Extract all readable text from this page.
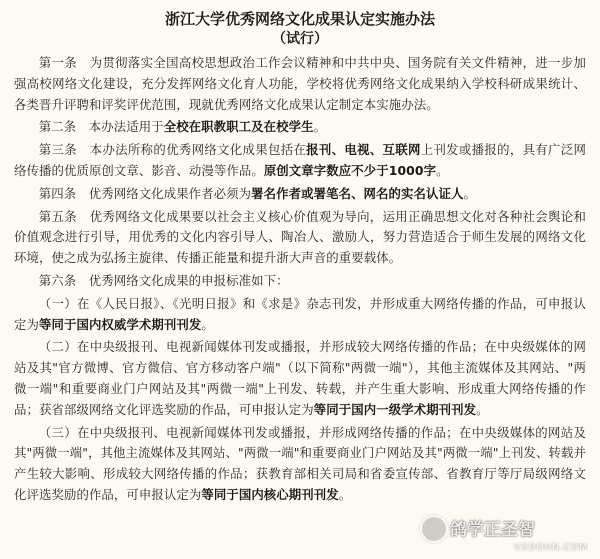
浙江大学优秀网络文化成果认定实施办法
（试行）

第一条　为贯彻落实全国高校思想政治工作会议精神和中共中央、国务院有关文件精神，进一步加强高校网络文化建设，充分发挥网络文化育人功能，学校将优秀网络文化成果纳入学校科研成果统计、各类晋升评聘和评奖评优范围，现就优秀网络文化成果认定制定本实施办法。

第二条　本办法适用于全校在职教职工及在校学生。

第三条　本办法所称的优秀网络文化成果包括在报刊、电视、互联网上刊发或播报的，具有广泛网络传播的优质原创文章、影音、动漫等作品。原创文章字数应不少于1000字。

第四条　优秀网络文化成果作者必须为署名作者或署笔名、网名的实名认证人。

第五条　优秀网络文化成果要以社会主义核心价值观为导向，运用正确思想文化对各种社会舆论和价值观念进行引导，用优秀的文化内容引导人、陶冶人、激励人，努力营造适合于师生发展的网络文化环境，使之成为弘扬主旋律、传播正能量和提升浙大声音的重要载体。

第六条　优秀网络文化成果的申报标准如下：

（一）在《人民日报》、《光明日报》和《求是》杂志刊发，并形成重大网络传播的作品，可申报认定为等同于国内权威学术期刊刊发。

（二）在中央级报刊、电视新闻媒体刊发或播报，并形成较大网络传播的作品；在中央级媒体的网站及其"官方微博、官方微信、官方移动客户端"（以下简称"两微一端"），其他主流媒体及其网站、"两微一端"和重要商业门户网站及其"两微一端"上刊发、转载，并产生重大影响、形成重大网络传播的作品；获省部级网络文化评选奖励的作品，可申报认定为等同于国内一级学术期刊刊发。

（三）在中央级报刊、电视新闻媒体刊发或播报，并形成网络传播的作品；在中央级媒体的网站及其"两微一端"，其他主流媒体及其网站、"两微一端"和重要商业门户网站及其"两微一端"上刊发、转载并产生较大影响、形成较大网络传播的作品；获教育部相关司局和省委宣传部、省教育厅等厅局级网络文化评选奖励的作品，可申报认定为等同于国内核心期刊刊发。

鸽学正圣智
VXDOHN.COM
